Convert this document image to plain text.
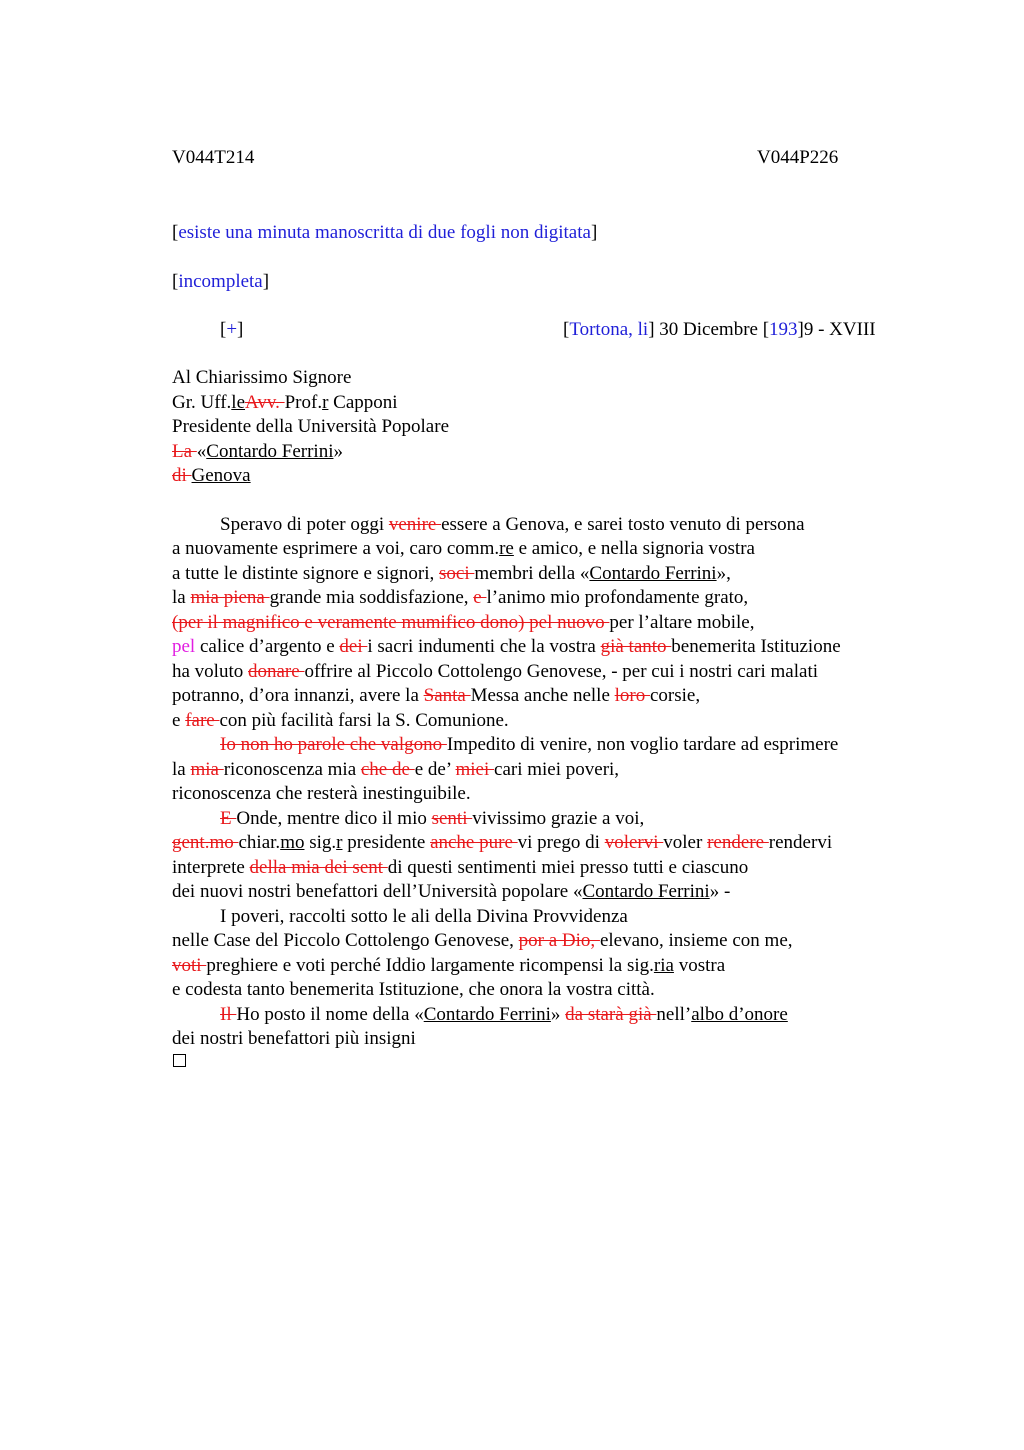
V044T214	V044P226
[esiste una minuta manoscritta di due fogli non digitata]
[incompleta]
[+]	[Tortona, li] 30 Dicembre [193]9 - XVIII
Al Chiarissimo Signore
Gr. Uff.leAvv. Prof.r Capponi
Presidente della Università Popolare
La «Contardo Ferrini»
di Genova
Speravo di poter oggi venire essere a Genova, e sarei tosto venuto di persona
a nuovamente esprimere a voi, caro comm.re e amico, e nella signoria vostra
a tutte le distinte signore e signori, soci membri della «Contardo Ferrini»,
la mia piena grande mia soddisfazione, e l’animo mio profondamente grato,
(per il magnifico e veramente mumifico dono) pel nuovo per l’altare mobile,
pel calice d’argento e dei i sacri indumenti che la vostra già tanto benemerita Istituzione
ha voluto donare offrire al Piccolo Cottolengo Genovese, - per cui i nostri cari malati
potranno, d’ora innanzi, avere la Santa Messa anche nelle loro corsie,
e fare con più facilità farsi la S. Comunione.
Io non ho parole che valgono Impedito di venire, non voglio tardare ad esprimere
la mia riconoscenza mia che de e de’ miei cari miei poveri,
riconoscenza che resterà inestinguibile.
E Onde, mentre dico il mio senti vivissimo grazie a voi,
gent.mo chiar.mo sig.r presidente anche pure vi prego di volervi voler rendere rendervi
interprete della mia dei sent di questi sentimenti miei presso tutti e ciascuno
dei nuovi nostri benefattori dell’Università popolare «Contardo Ferrini» -
I poveri, raccolti sotto le ali della Divina Provvidenza
nelle Case del Piccolo Cottolengo Genovese, por a Dio, elevano, insieme con me,
voti preghiere e voti perché Iddio largamente ricompensi la sig.ria vostra
e codesta tanto benemerita Istituzione, che onora la vostra città.
Il Ho posto il nome della «Contardo Ferrini» da starà già nell’albo d’onore
dei nostri benefattori più insigni
